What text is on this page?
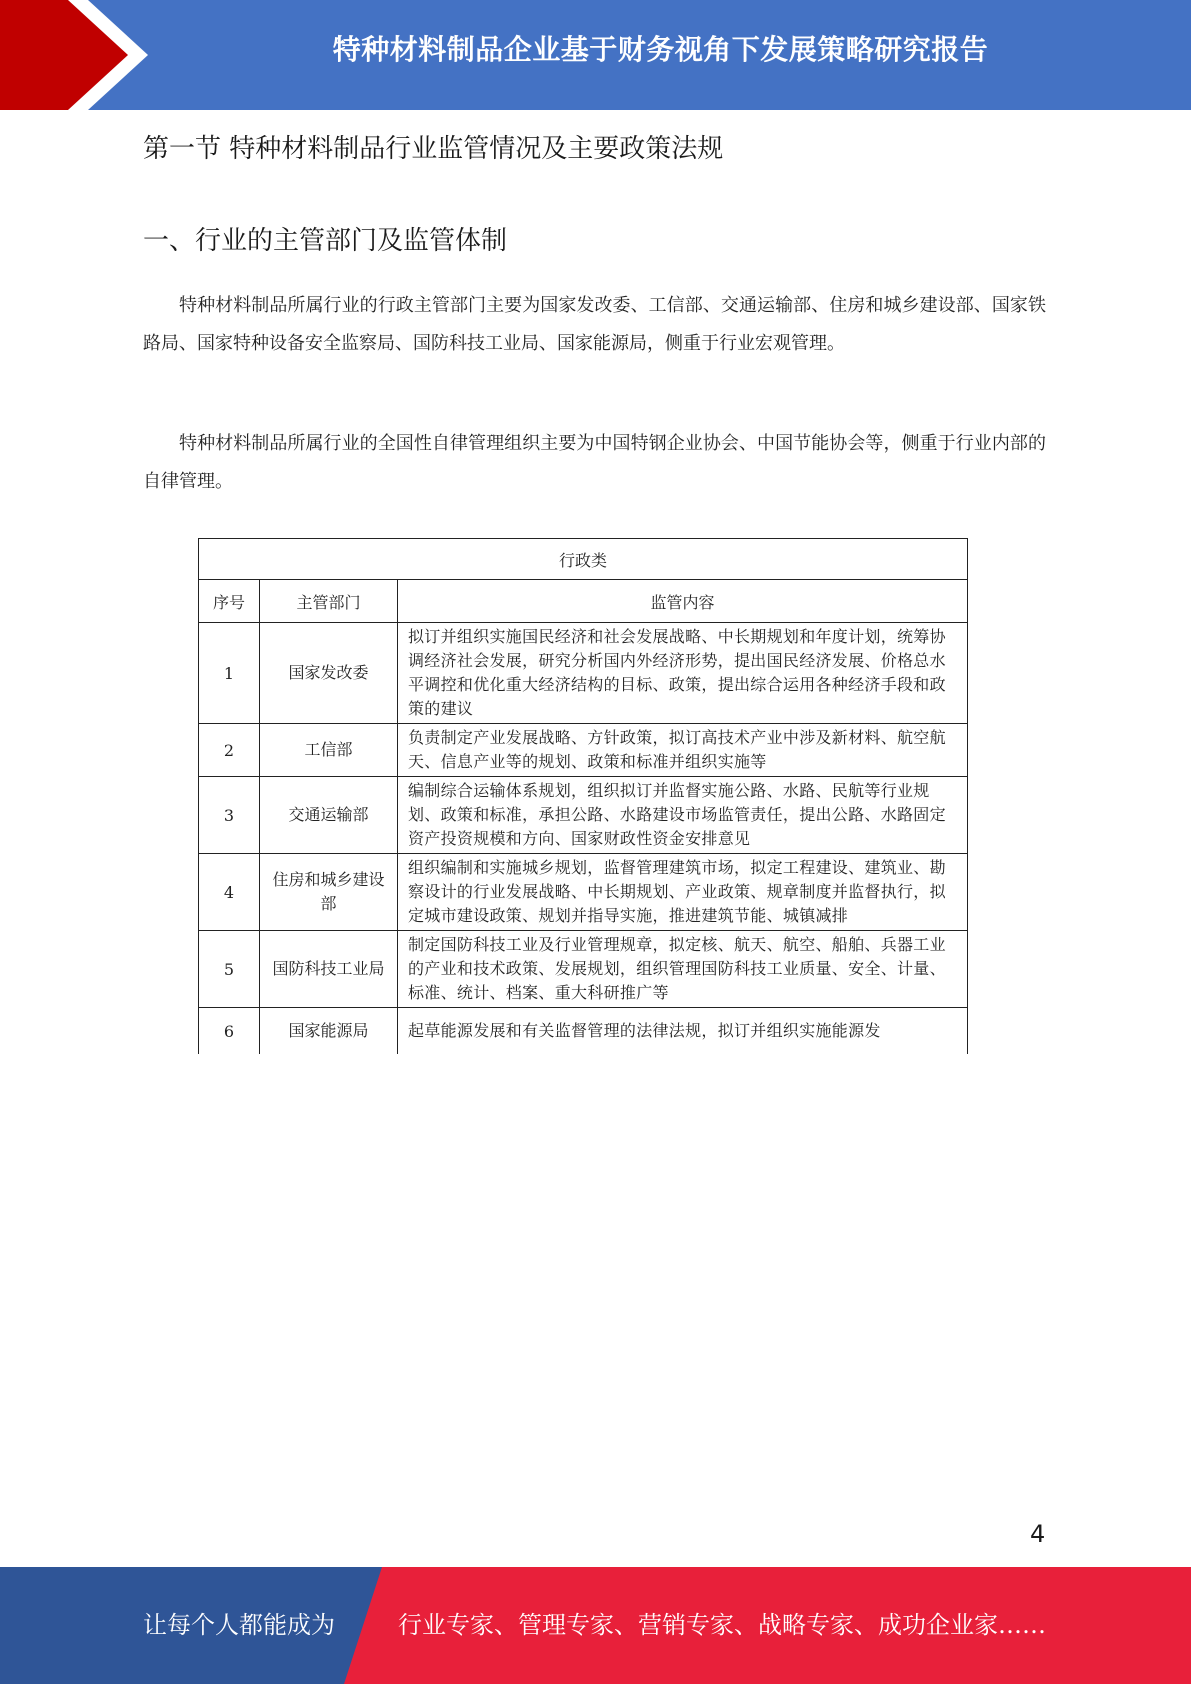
特种材料制品企业基于财务视角下发展策略研究报告
第一节 特种材料制品行业监管情况及主要政策法规
一、行业的主管部门及监管体制

特种材料制品所属行业的行政主管部门主要为国家发改委、工信部、交通运输部、住房和城乡建设部、国家铁路局、国家特种设备安全监察局、国防科技工业局、国家能源局，侧重于行业宏观管理。

特种材料制品所属行业的全国性自律管理组织主要为中国特钢企业协会、中国节能协会等，侧重于行业内部的自律管理。

行政类		
序号	主管部门	监管内容
1	国家发改委	拟订并组织实施国民经济和社会发展战略、中长期规划和年度计划，统筹协调经济社会发展，研究分析国内外经济形势，提出国民经济发展、价格总水平调控和优化重大经济结构的目标、政策，提出综合运用各种经济手段和政策的建议
2	工信部	负责制定产业发展战略、方针政策，拟订高技术产业中涉及新材料、航空航天、信息产业等的规划、政策和标准并组织实施等
3	交通运输部	编制综合运输体系规划，组织拟订并监督实施公路、水路、民航等行业规划、政策和标准，承担公路、水路建设市场监管责任，提出公路、水路固定资产投资规模和方向、国家财政性资金安排意见
4	住房和城乡建设部	组织编制和实施城乡规划，监督管理建筑市场，拟定工程建设、建筑业、勘察设计的行业发展战略、中长期规划、产业政策、规章制度并监督执行，拟定城市建设政策、规划并指导实施，推进建筑节能、城镇减排
5	国防科技工业局	制定国防科技工业及行业管理规章，拟定核、航天、航空、船舶、兵器工业的产业和技术政策、发展规划，组织管理国防科技工业质量、安全、计量、标准、统计、档案、重大科研推广等
6	国家能源局	起草能源发展和有关监督管理的法律法规，拟订并组织实施能源发
4
让每个人都能成为	行业专家、管理专家、营销专家、战略专家、成功企业家……
